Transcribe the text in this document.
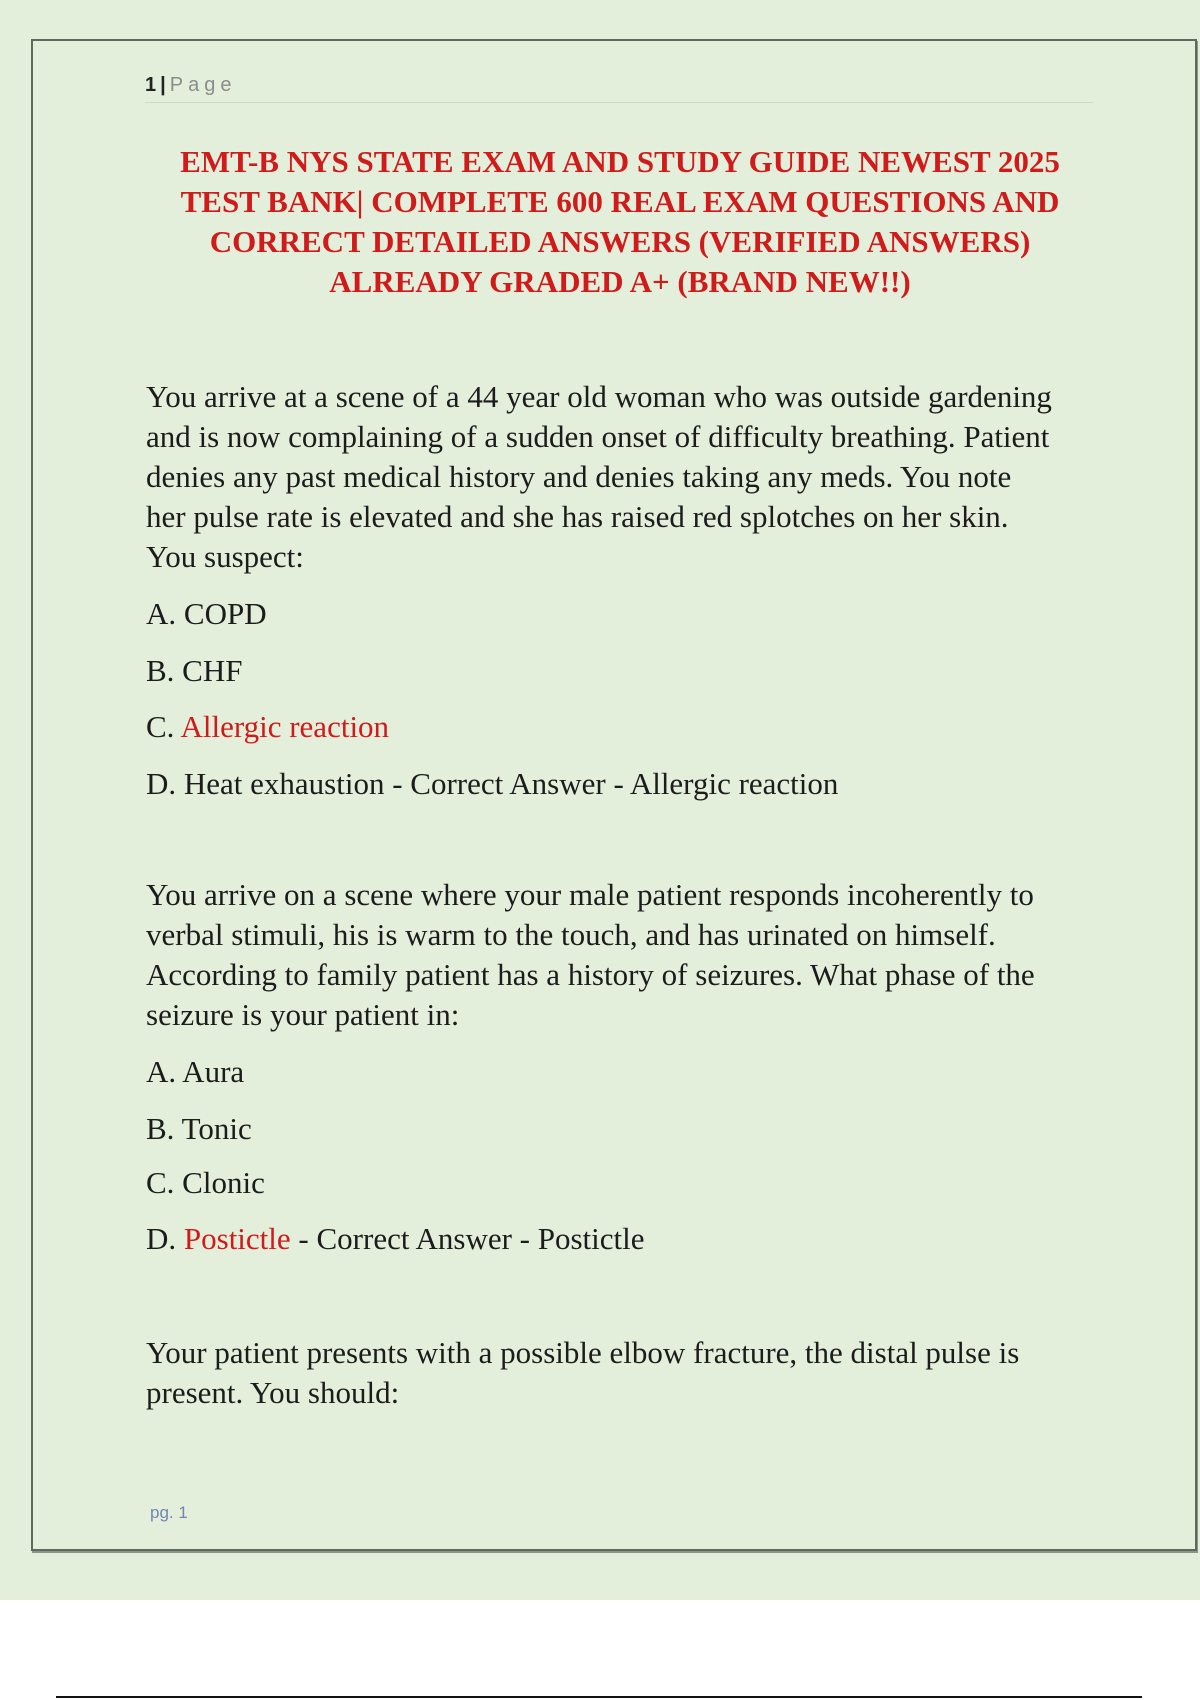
1 | Page
EMT-B NYS STATE EXAM AND STUDY GUIDE NEWEST 2025
TEST BANK| COMPLETE 600 REAL EXAM QUESTIONS AND
CORRECT DETAILED ANSWERS (VERIFIED ANSWERS)
ALREADY GRADED A+ (BRAND NEW!!)
You arrive at a scene of a 44 year old woman who was outside gardening
and is now complaining of a sudden onset of difficulty breathing. Patient
denies any past medical history and denies taking any meds. You note
her pulse rate is elevated and she has raised red splotches on her skin.
You suspect:
A. COPD
B. CHF
C. Allergic reaction
D. Heat exhaustion - Correct Answer - Allergic reaction
You arrive on a scene where your male patient responds incoherently to
verbal stimuli, his is warm to the touch, and has urinated on himself.
According to family patient has a history of seizures. What phase of the
seizure is your patient in:
A. Aura
B. Tonic
C. Clonic
D. Postictle - Correct Answer - Postictle
Your patient presents with a possible elbow fracture, the distal pulse is
present. You should:
pg. 1
